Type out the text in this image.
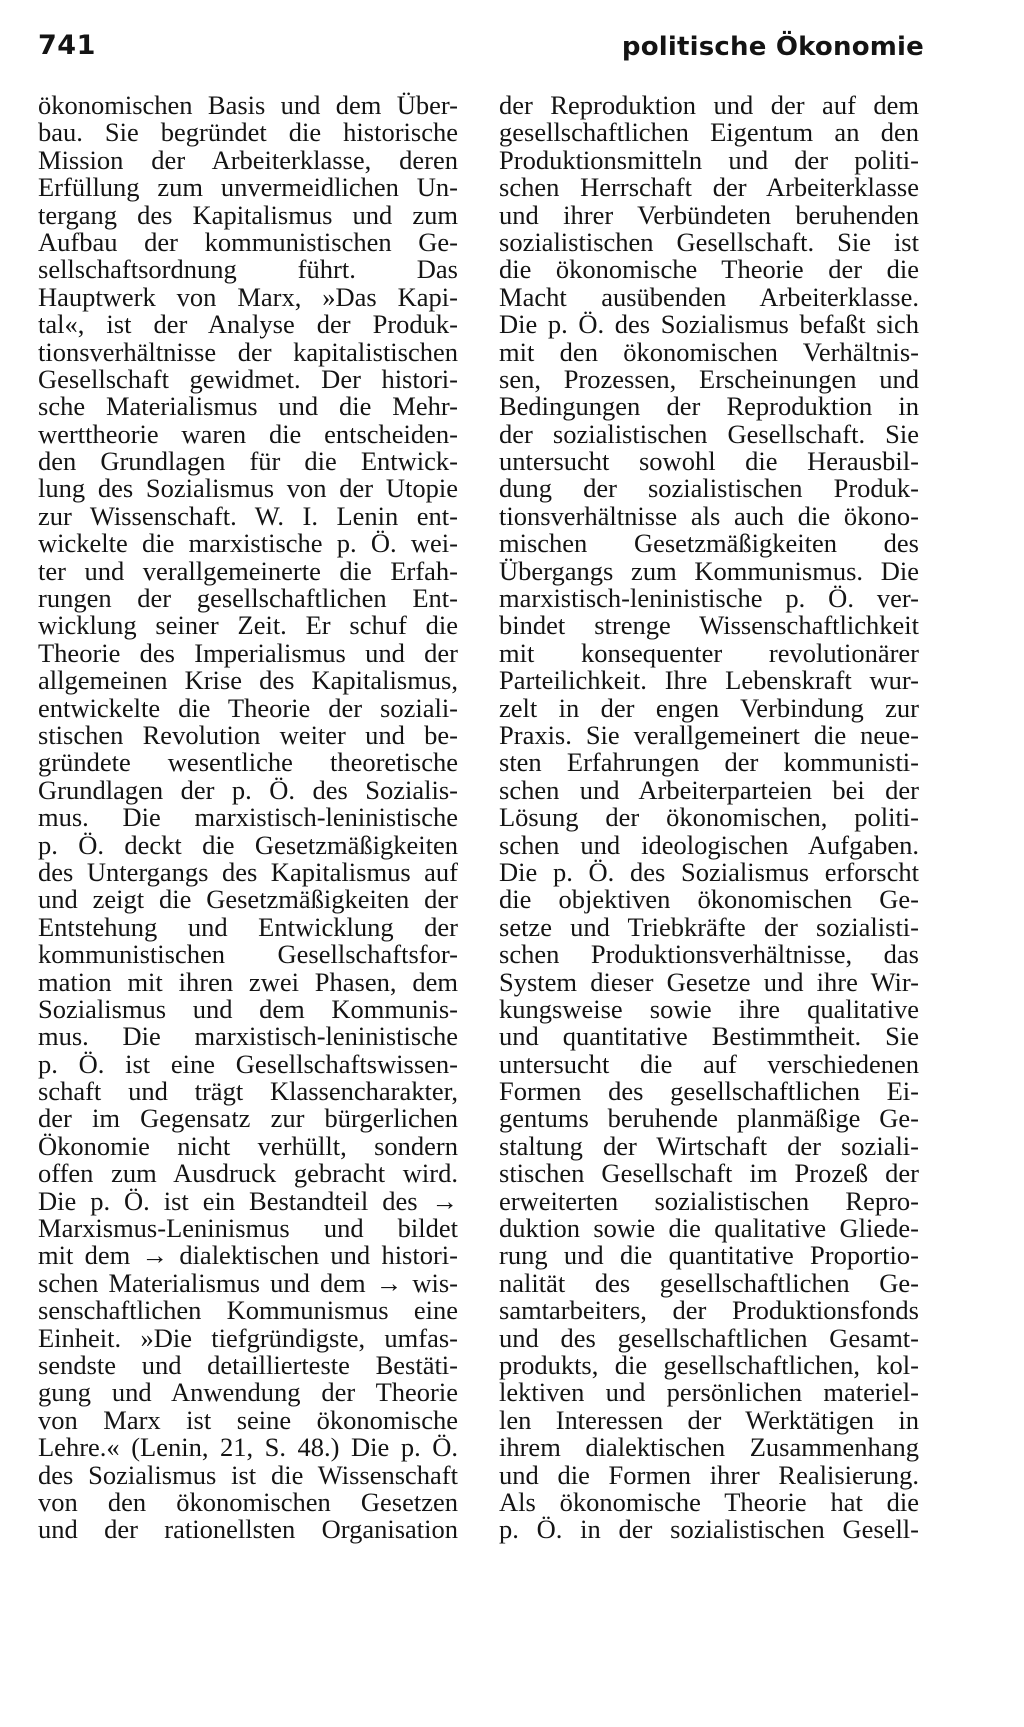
741	politische Ökonomie
ökonomischen Basis und dem Über-
bau. Sie begründet die historische
Mission der Arbeiterklasse, deren
Erfüllung zum unvermeidlichen Un-
tergang des Kapitalismus und zum
Aufbau der kommunistischen Ge-
sellschaftsordnung führt. Das
Hauptwerk von Marx, »Das Kapi-
tal«, ist der Analyse der Produk-
tionsverhältnisse der kapitalistischen
Gesellschaft gewidmet. Der histori-
sche Materialismus und die Mehr-
werttheorie waren die entscheiden-
den Grundlagen für die Entwick-
lung des Sozialismus von der Utopie
zur Wissenschaft. W. I. Lenin ent-
wickelte die marxistische p. Ö. wei-
ter und verallgemeinerte die Erfah-
rungen der gesellschaftlichen Ent-
wicklung seiner Zeit. Er schuf die
Theorie des Imperialismus und der
allgemeinen Krise des Kapitalismus,
entwickelte die Theorie der soziali-
stischen Revolution weiter und be-
gründete wesentliche theoretische
Grundlagen der p. Ö. des Sozialis-
mus. Die marxistisch-leninistische
p. Ö. deckt die Gesetzmäßigkeiten
des Untergangs des Kapitalismus auf
und zeigt die Gesetzmäßigkeiten der
Entstehung und Entwicklung der
kommunistischen Gesellschaftsfor-
mation mit ihren zwei Phasen, dem
Sozialismus und dem Kommunis-
mus. Die marxistisch-leninistische
p. Ö. ist eine Gesellschaftswissen-
schaft und trägt Klassencharakter,
der im Gegensatz zur bürgerlichen
Ökonomie nicht verhüllt, sondern
offen zum Ausdruck gebracht wird.
Die p. Ö. ist ein Bestandteil des →
Marxismus-Leninismus und bildet
mit dem → dialektischen und histori-
schen Materialismus und dem → wis-
senschaftlichen Kommunismus eine
Einheit. »Die tiefgründigste, umfas-
sendste und detaillierteste Bestäti-
gung und Anwendung der Theorie
von Marx ist seine ökonomische
Lehre.« (Lenin, 21, S. 48.) Die p. Ö.
des Sozialismus ist die Wissenschaft
von den ökonomischen Gesetzen
und der rationellsten Organisation
der Reproduktion und der auf dem
gesellschaftlichen Eigentum an den
Produktionsmitteln und der politi-
schen Herrschaft der Arbeiterklasse
und ihrer Verbündeten beruhenden
sozialistischen Gesellschaft. Sie ist
die ökonomische Theorie der die
Macht ausübenden Arbeiterklasse.
Die p. Ö. des Sozialismus befaßt sich
mit den ökonomischen Verhältnis-
sen, Prozessen, Erscheinungen und
Bedingungen der Reproduktion in
der sozialistischen Gesellschaft. Sie
untersucht sowohl die Herausbil-
dung der sozialistischen Produk-
tionsverhältnisse als auch die ökono-
mischen Gesetzmäßigkeiten des
Übergangs zum Kommunismus. Die
marxistisch-leninistische p. Ö. ver-
bindet strenge Wissenschaftlichkeit
mit konsequenter revolutionärer
Parteilichkeit. Ihre Lebenskraft wur-
zelt in der engen Verbindung zur
Praxis. Sie verallgemeinert die neue-
sten Erfahrungen der kommunisti-
schen und Arbeiterparteien bei der
Lösung der ökonomischen, politi-
schen und ideologischen Aufgaben.
Die p. Ö. des Sozialismus erforscht
die objektiven ökonomischen Ge-
setze und Triebkräfte der sozialisti-
schen Produktionsverhältnisse, das
System dieser Gesetze und ihre Wir-
kungsweise sowie ihre qualitative
und quantitative Bestimmtheit. Sie
untersucht die auf verschiedenen
Formen des gesellschaftlichen Ei-
gentums beruhende planmäßige Ge-
staltung der Wirtschaft der soziali-
stischen Gesellschaft im Prozeß der
erweiterten sozialistischen Repro-
duktion sowie die qualitative Gliede-
rung und die quantitative Proportio-
nalität des gesellschaftlichen Ge-
samtarbeiters, der Produktionsfonds
und des gesellschaftlichen Gesamt-
produkts, die gesellschaftlichen, kol-
lektiven und persönlichen materiel-
len Interessen der Werktätigen in
ihrem dialektischen Zusammenhang
und die Formen ihrer Realisierung.
Als ökonomische Theorie hat die
p. Ö. in der sozialistischen Gesell-
